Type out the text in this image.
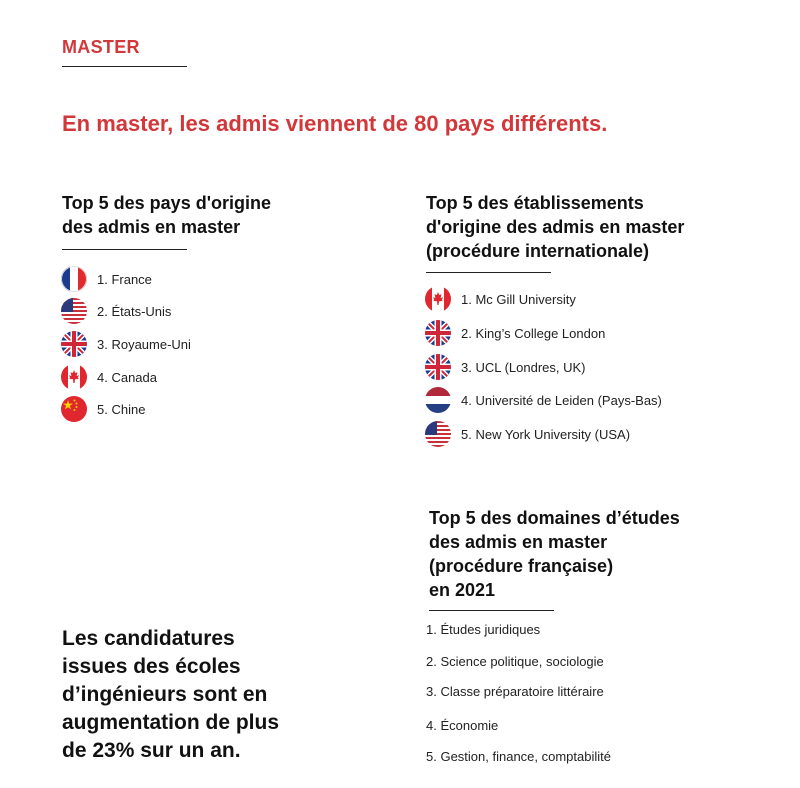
MASTER
En master, les admis viennent de 80 pays différents.
Top 5 des pays d'origine
des admis en master
1. France
2. États-Unis
3. Royaume-Uni
4. Canada
5. Chine
Top 5 des établissements
d'origine des admis en master
(procédure internationale)
1. Mc Gill University
2. King’s College London
3. UCL (Londres, UK)
4. Université de Leiden (Pays-Bas)
5. New York University (USA)
Top 5 des domaines d’études
des admis en master
(procédure française)
en 2021
1. Études juridiques
2. Science politique, sociologie
3. Classe préparatoire littéraire
4. Économie
5. Gestion, finance, comptabilité
Les candidatures
issues des écoles
d’ingénieurs sont en
augmentation de plus
de 23% sur un an.
